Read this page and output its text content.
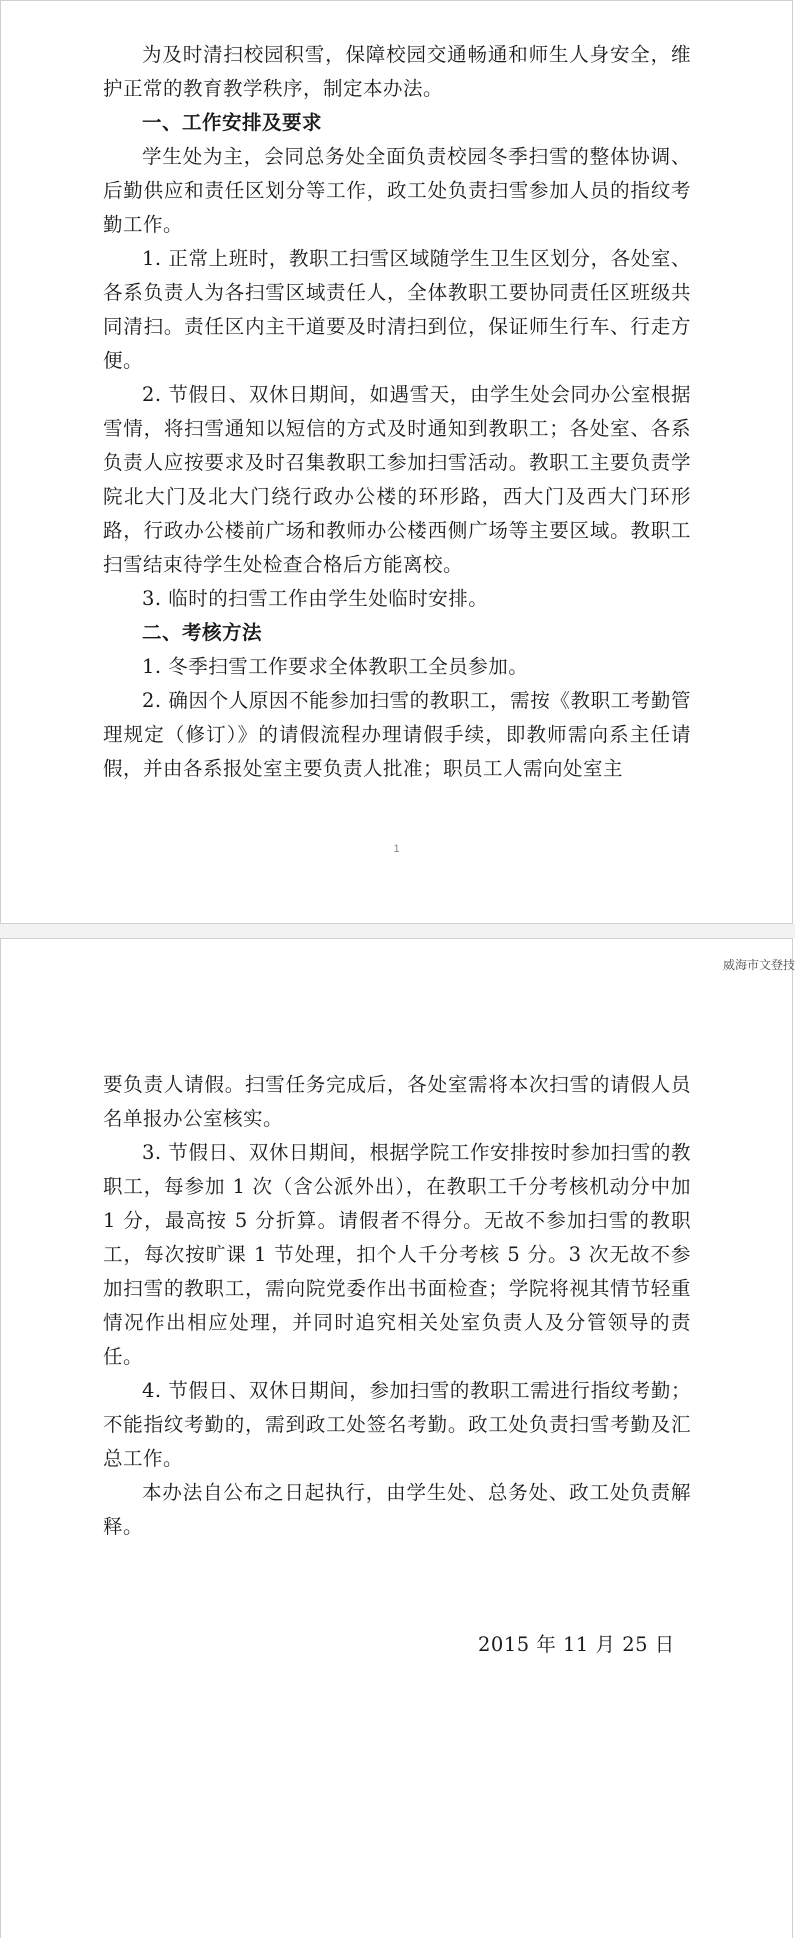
为及时清扫校园积雪，保障校园交通畅通和师生人身安全，维护正常的教育教学秩序，制定本办法。

一、工作安排及要求

学生处为主，会同总务处全面负责校园冬季扫雪的整体协调、后勤供应和责任区划分等工作，政工处负责扫雪参加人员的指纹考勤工作。

1. 正常上班时，教职工扫雪区域随学生卫生区划分，各处室、各系负责人为各扫雪区域责任人，全体教职工要协同责任区班级共同清扫。责任区内主干道要及时清扫到位，保证师生行车、行走方便。

2. 节假日、双休日期间，如遇雪天，由学生处会同办公室根据雪情，将扫雪通知以短信的方式及时通知到教职工；各处室、各系负责人应按要求及时召集教职工参加扫雪活动。教职工主要负责学院北大门及北大门绕行政办公楼的环形路，西大门及西大门环形路，行政办公楼前广场和教师办公楼西侧广场等主要区域。教职工扫雪结束待学生处检查合格后方能离校。

3. 临时的扫雪工作由学生处临时安排。

二、考核方法

1. 冬季扫雪工作要求全体教职工全员参加。

2. 确因个人原因不能参加扫雪的教职工，需按《教职工考勤管理规定（修订）》的请假流程办理请假手续，即教师需向系主任请假，并由各系报处室主要负责人批准；职员工人需向处室主

1
威海市文登技

要负责人请假。扫雪任务完成后，各处室需将本次扫雪的请假人员名单报办公室核实。

3. 节假日、双休日期间，根据学院工作安排按时参加扫雪的教职工，每参加 1 次（含公派外出），在教职工千分考核机动分中加 1 分，最高按 5 分折算。请假者不得分。无故不参加扫雪的教职工，每次按旷课 1 节处理，扣个人千分考核 5 分。3 次无故不参加扫雪的教职工，需向院党委作出书面检查；学院将视其情节轻重情况作出相应处理，并同时追究相关处室负责人及分管领导的责任。

4. 节假日、双休日期间，参加扫雪的教职工需进行指纹考勤；不能指纹考勤的，需到政工处签名考勤。政工处负责扫雪考勤及汇总工作。

本办法自公布之日起执行，由学生处、总务处、政工处负责解释。

2015 年 11 月 25 日
